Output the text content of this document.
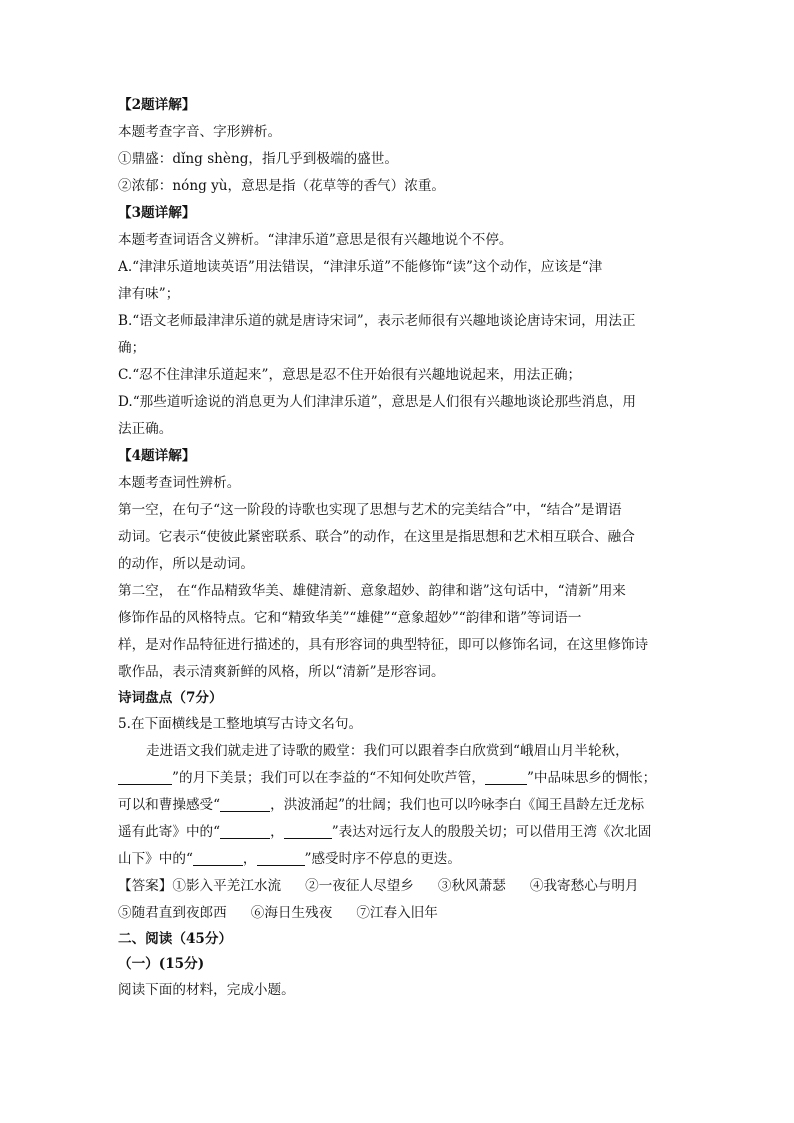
【2题详解】
本题考查字音、字形辨析。
①鼎盛：dǐng shèng，指几乎到极端的盛世。
②浓郁：nóng yù，意思是指（花草等的香气）浓重。
【3题详解】
本题考查词语含义辨析。“津津乐道”意思是很有兴趣地说个不停。
A.“津津乐道地读英语”用法错误，“津津乐道”不能修饰“读”这个动作，应该是“津
津有味”；
B.“语文老师最津津乐道的就是唐诗宋词”，表示老师很有兴趣地谈论唐诗宋词，用法正
确；
C.“忍不住津津乐道起来”，意思是忍不住开始很有兴趣地说起来，用法正确；
D.“那些道听途说的消息更为人们津津乐道”，意思是人们很有兴趣地谈论那些消息，用
法正确。
【4题详解】
本题考查词性辨析。
第一空，在句子“这一阶段的诗歌也实现了思想与艺术的完美结合”中，“结合”是谓语
动词。它表示“使彼此紧密联系、联合”的动作，在这里是指思想和艺术相互联合、融合
的动作，所以是动词。
第二空， 在“作品精致华美、雄健清新、意象超妙、韵律和谐”这句话中，“清新”用来
修饰作品的风格特点。它和“精致华美”“雄健”“意象超妙”“韵律和谐”等词语一
样，是对作品特征进行描述的，具有形容词的典型特征，即可以修饰名词，在这里修饰诗
歌作品，表示清爽新鲜的风格，所以“清新”是形容词。
诗词盘点（7分）
5.在下面横线是工整地填写古诗文名句。
走进语文我们就走进了诗歌的殿堂：我们可以跟着李白欣赏到“峨眉山月半轮秋，
”的月下美景；我们可以在李益的“不知何处吹芦管，	”中品味思乡的惆怅；
可以和曹操感受“	，洪波涌起”的壮阔；我们也可以吟咏李白《闻王昌龄左迁龙标
遥有此寄》中的“	，	”表达对远行友人的殷殷关切；可以借用王湾《次北固
山下》中的“	，	”感受时序不停息的更迭。
【答案】①影入平羌江水流 ②一夜征人尽望乡 ③秋风萧瑟 ④我寄愁心与明月
⑤随君直到夜郎西 ⑥海日生残夜 ⑦江春入旧年
二、阅读（45分）
（一）(15分)
阅读下面的材料，完成小题。
